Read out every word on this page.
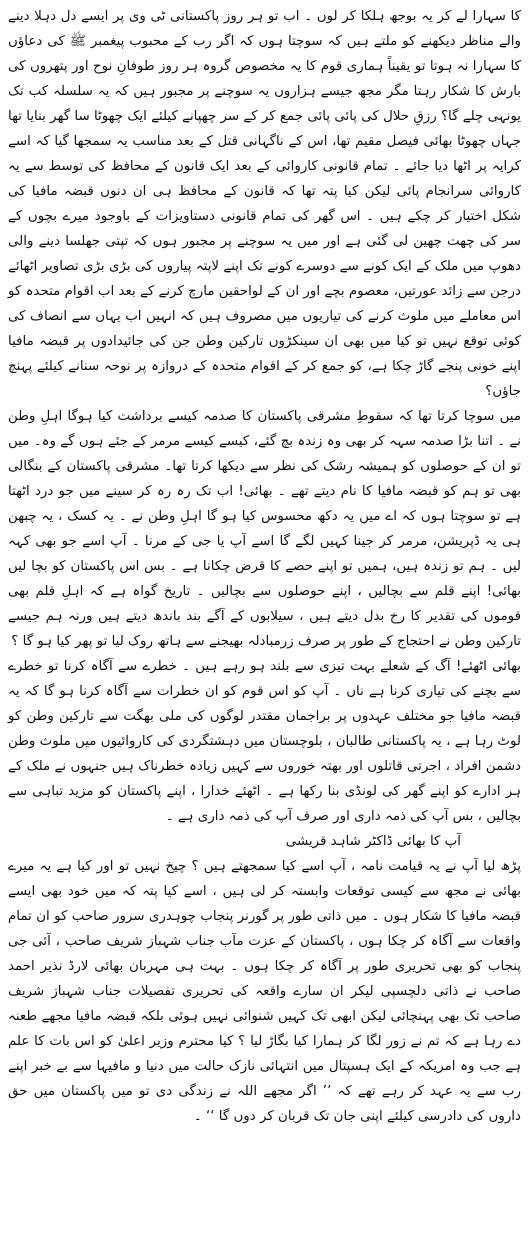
کا سہارا لے کر یہ بوجھ ہلکا کر لوں ۔ اب تو ہر روز پاکستانی ٹی وی پر ایسے دل دہلا دینے والے مناظر دیکھنے کو ملتے ہیں کہ سوچتا ہوں کہ اگر رب کے محبوب پیغمبر ﷺ کی دعاؤں کا سہارا نہ ہوتا تو یقیناً ہماری قوم کا یہ مخصوص گروہ ہر روز طوفانِ نوح اور پتھروں کی بارش کا شکار رہتا مگر مجھ جیسے ہزاروں یہ سوچنے پر مجبور ہیں کہ یہ سلسلہ کب تک یونہی چلے گا؟ رزقِ حلال کی پائی پائی جمع کر کے سر چھپانے کیلئے ایک چھوٹا سا گھر بنایا تھا جہاں چھوٹا بھائی فیصل مقیم تھا، اس کے ناگہانی قتل کے بعد مناسب یہ سمجھا گیا کہ اسے کرایہ پر اٹھا دیا جائے ۔ تمام قانونی کاروائی کے بعد ایک قانون کے محافظ کی توسط سے یہ کاروائی سرانجام پائی لیکن کیا پتہ تھا کہ قانون کے محافظ ہی ان دنوں قبضہ مافیا کی شکل اختیار کر چکے ہیں ۔ اس گھر کی تمام قانونی دستاویزات کے باوجود میرے بچوں کے سر کی چھت چھین لی گئی ہے اور میں یہ سوچنے پر مجبور ہوں کہ تپتی جھلسا دینے والی دھوپ میں ملک کے ایک کونے سے دوسرے کونے تک اپنے لاپتہ پیاروں کی بڑی بڑی تصاویر اٹھائے درجن سے زائد عورتیں، معصوم بچے اور ان کے لواحقین مارچ کرنے کے بعد اب اقوام متحدہ کو اس معاملے میں ملوث کرنے کی تیاریوں میں مصروف ہیں کہ انہیں اب یہاں سے انصاف کی کوئی توقع نہیں تو کیا میں بھی ان سینکڑوں تارکین وطن جن کی جائیدادوں پر قبضہ مافیا اپنے خونی پنجے گاڑ چکا ہے، کو جمع کر کے اقوام متحدہ کے دروازہ پر نوحہ سنانے کیلئے پہنچ جاؤں؟

میں سوچا کرتا تھا کہ سقوطِ مشرقی پاکستان کا صدمہ کیسے برداشت کیا ہوگا اہلِ وطن نے ۔ اتنا بڑا صدمہ سہہ کر بھی وہ زندہ بچ گئے، کیسے کیسے مرمر کے جئے ہوں گے وہ۔ میں تو ان کے حوصلوں کو ہمیشہ رشک کی نظر سے دیکھا کرتا تھا۔ مشرقی پاکستان کے بنگالی بھی تو ہم کو قبضہ مافیا کا نام دیتے تھے ۔ بھائی! اب تک رہ رہ کر سینے میں جو درد اٹھتا ہے تو سوچتا ہوں کہ اے میں یہ دکھ محسوس کیا ہو گا اہلِ وطن نے ۔ یہ کسک ، یہ چبھن ہی یہ ڈپریشن، مرمر کر جینا کہیں لگے گا اسے آپ یا جی کے مرنا ۔ آپ اسے جو بھی کہہ لیں ۔ ہم تو زندہ ہیں، ہمیں تو اپنے حصے کا قرض چکانا ہے ۔ بس اس پاکستان کو بچا لیں بھائی! اپنے قلم سے بچالیں ، اپنے حوصلوں سے بچالیں ۔ تاریخ گواہ ہے کہ اہلِ قلم بھی قوموں کی تقدیر کا رخ بدل دیتے ہیں ، سیلابوں کے آگے بند باندھ دیتے ہیں ورنہ ہم جیسے تارکین وطن نے احتجاج کے طور پر صرف زرمبادلہ بھیجنے سے ہاتھ روک لیا تو پھر کیا ہو گا ؟

بھائی اٹھئے! آگ کے شعلے بہت تیزی سے بلند ہو رہے ہیں ۔ خطرے سے آگاہ کرنا تو خطرے سے بچنے کی تیاری کرنا ہے ناں ۔ آپ کو اس قوم کو ان خطرات سے آگاہ کرنا ہو گا کہ یہ قبضہ مافیا جو مختلف عہدوں پر براجمان مقتدر لوگوں کی ملی بھگت سے تارکین وطن کو لوٹ رہا ہے ، یہ پاکستانی طالبان ، بلوچستان میں دہشتگردی کی کاروائیوں میں ملوث وطن دشمن افراد ، اجرتی قاتلوں اور بھتہ خوروں سے کہیں زیادہ خطرناک ہیں جنہوں نے ملک کے ہر ادارے کو اپنے گھر کی لونڈی بنا رکھا ہے ۔ اٹھئے خدارا ، اپنے پاکستان کو مزید تباہی سے بچالیں ، بس آپ کی ذمہ داری اور صرف آپ کی ذمہ داری ہے ۔

آپ کا بھائی ڈاکٹر شاہد قریشی

پڑھ لیا آپ نے یہ قیامت نامہ ، آپ اسے کیا سمجھتے ہیں ؟ چیخ نہیں تو اور کیا ہے یہ میرے بھائی نے مجھ سے کیسی توقعات وابستہ کر لی ہیں ، اسے کیا پتہ کہ میں خود بھی ایسے قبضہ مافیا کا شکار ہوں ۔ میں ذاتی طور پر گورنر پنجاب چوہدری سرور صاحب کو ان تمام واقعات سے آگاہ کر چکا ہوں ، پاکستان کے عزت مآب جناب شہباز شریف صاحب ، آئی جی پنجاب کو بھی تحریری طور پر آگاہ کر چکا ہوں ۔ بہت ہی مہربان بھائی لارڈ نذیر احمد صاحب نے ذاتی دلچسپی لیکر ان سارے واقعہ کی تحریری تفصیلات جناب شہباز شریف صاحب تک بھی پہنچائی لیکن ابھی تک کہیں شنوائی نہیں ہوئی بلکہ قبضہ مافیا مجھے طعنہ دے رہا ہے کہ تم نے زور لگا کر ہمارا کیا بگاڑ لیا ؟ کیا محترم وزیر اعلیٰ کو اس بات کا علم ہے جب وہ امریکہ کے ایک ہسپتال میں انتہائی نازک حالت میں دنیا و مافیہا سے بے خبر اپنے رب سے یہ عہد کر رہے تھے کہ ’’ اگر مجھے اللہ نے زندگی دی تو میں پاکستان میں حق داروں کی دادرسی کیلئے اپنی جان تک قربان کر دوں گا ‘‘ ۔
